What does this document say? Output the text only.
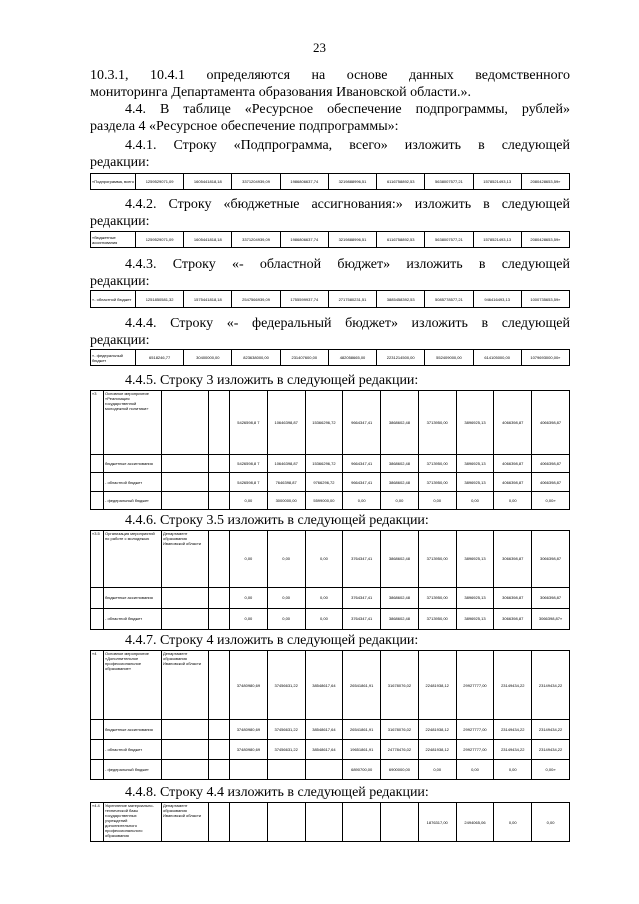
23
10.3.1, 10.4.1 определяются на основе данных ведомственного
мониторинга Департамента образования Ивановской области.».
4.4. В таблице «Ресурсное обеспечение подпрограммы, рублей»
раздела 4 «Ресурсное обеспечение подпрограммы»:
4.4.1. Строку «Подпрограмма, всего» изложить в следующей
редакции:
«Подпрограмма, всего	1259529071,09	1605441818,18	3371204939,09	1986806637,74	3219888996,51	6116758892,53	5638007577,21	1578521493,13	2080428653,59»
4.4.2. Строку «бюджетные ассигнования:» изложить в следующей
редакции:
«бюджетные ассигнования	1259529071,09	1605441818,18	3371204939,09	1986806637,74	3219888996,51	6116758892,53	5638007577,21	1578521493,13	2080428653,59»
4.4.3. Строку «- областной бюджет» изложить в следующей
редакции:
«- областной бюджет	1251850581,32	1575441818,18	2547566939,09	1755599937,74	2717580231,51	3885458392,53	5085778577,21	946416493,13	1000735653,59»
4.4.4. Строку «- федеральный бюджет» изложить в следующей
редакции:
«- федеральный бюджет	6518246,77	30400000,00	823638000,00	231407600,00	482058665,00	2231214500,00	552409000,00	614105000,00	1079693000,00»
4.4.5. Строку 3 изложить в следующей редакции:
«3	Основное мероприятие «Реализация государственной молодежной политики»			5426598,8 7	10646398,87	15366296,72	9664347,41	3868602,48	3713950,00	3896925,13	4066398,87	4066398,87
	бюджетные ассигнования			5426598,8 7	10646398,87	15366296,72	9664347,41	3868602,48	3713950,00	3896925,13	4066398,87	4066398,87
	- областной бюджет			5426598,8 7	7646398,87	9766296,72	9664347,41	3868602,48	3713950,00	3896925,13	4066398,87	4066398,87
	- федеральный бюджет			0,00	3000000,00	5599000,00	0,00	0,00	0,00	0,00	0,00	0,00»
4.4.6. Строку 3.5 изложить в следующей редакции:
«3.5	Организация мероприятий по работе с молодежью	Департамент образования Ивановской области		0,00	0,00	0,00	3764347,41	3868602,48	3713950,00	3896925,13	3066398,87	3066398,87
	бюджетные ассигнования			0,00	0,00	0,00	3764347,41	3868602,48	3713950,00	3896925,13	3066398,87	3066398,87
	- областной бюджет			0,00	0,00	0,00	3764347,41	3868602,48	3713950,00	3896925,13	3066398,87	3066398,87»
4.4.7. Строку 4 изложить в следующей редакции:
«4	Основное мероприятие «Дополнительное профессиональное образование»	Департамент образования Ивановской области		37480980,69	37456631,22	38548617,64	26541861,91	31678076,02	22481938,12	29927777,00	23149434,22	23149434,22
	бюджетные ассигнования			37480980,69	37456631,22	38548617,64	26541861,91	31678076,02	22481938,12	29927777,00	23149434,22	23149434,22
	- областной бюджет			37480980,69	37456631,22	38548617,64	19651861,91	24778476,02	22481938,12	29927777,00	23149434,22	23149434,22
	- федеральный бюджет						6890700,00	6900000,00	0,00	0,00	0,00	0,00»
4.4.8. Строку 4.4 изложить в следующей редакции:
«4.4	Укрепление материально-технической базы государственных учреждений дополнительного профессионального образования	Департамент образования Ивановской области							1876317,00	2494065,06	0,00	0,00
